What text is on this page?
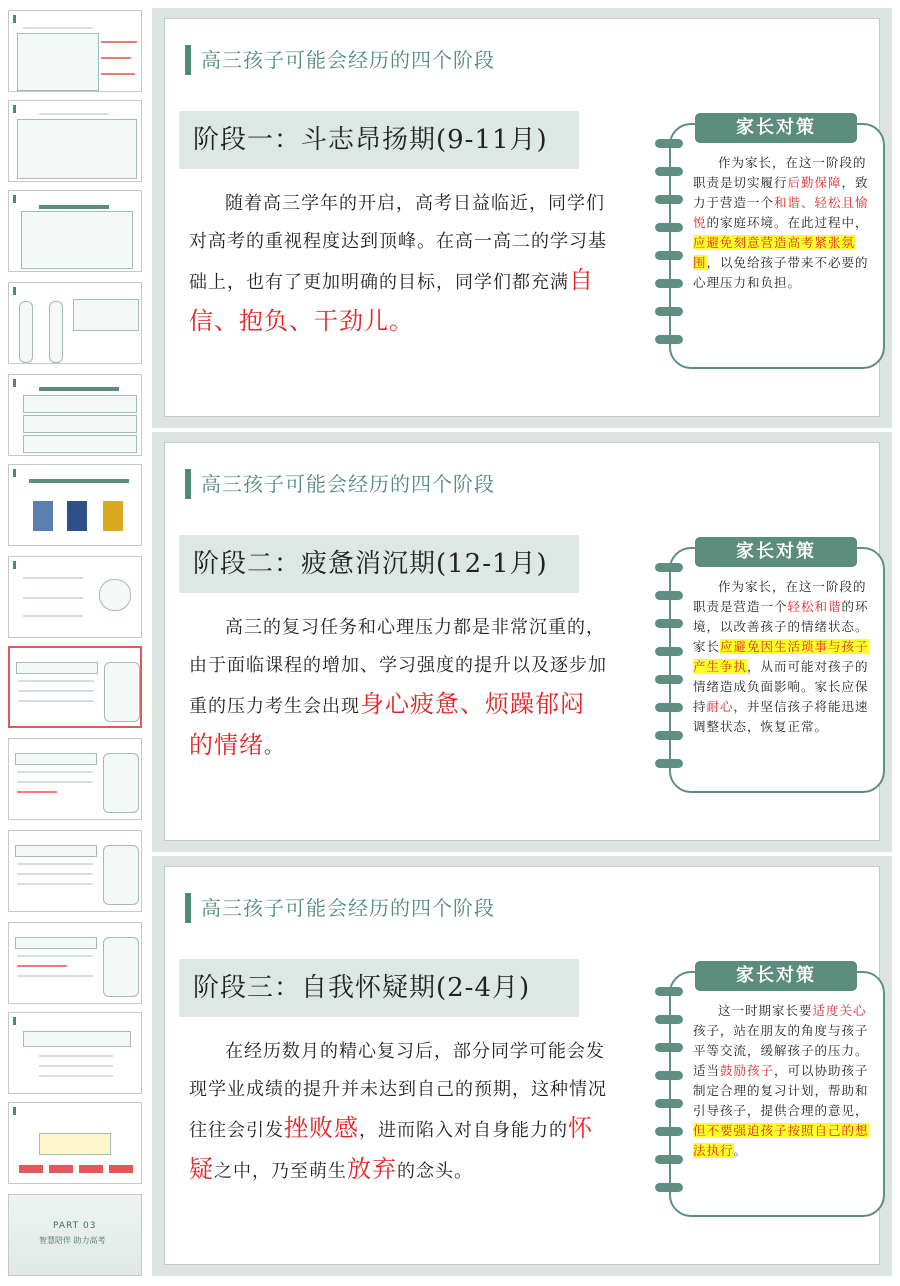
PART 03
智慧陪伴 助力高考
高三孩子可能会经历的四个阶段
阶段一：斗志昂扬期(9-11月)
随着高三学年的开启，高考日益临近，同学们对高考的重视程度达到顶峰。在高一高二的学习基础上，也有了更加明确的目标，同学们都充满自信、抱负、干劲儿。
家长对策
作为家长，在这一阶段的职责是切实履行后勤保障，致力于营造一个和谐、轻松且愉悦的家庭环境。在此过程中，应避免刻意营造高考紧张氛围，以免给孩子带来不必要的心理压力和负担。
高三孩子可能会经历的四个阶段
阶段二：疲惫消沉期(12-1月)
高三的复习任务和心理压力都是非常沉重的，由于面临课程的增加、学习强度的提升以及逐步加重的压力考生会出现身心疲惫、烦躁郁闷的情绪。
家长对策
作为家长，在这一阶段的职责是营造一个轻松和谐的环境，以改善孩子的情绪状态。家长应避免因生活琐事与孩子产生争执，从而可能对孩子的情绪造成负面影响。家长应保持耐心，并坚信孩子将能迅速调整状态，恢复正常。
高三孩子可能会经历的四个阶段
阶段三：自我怀疑期(2-4月)
在经历数月的精心复习后，部分同学可能会发现学业成绩的提升并未达到自己的预期，这种情况往往会引发挫败感，进而陷入对自身能力的怀疑之中，乃至萌生放弃的念头。
家长对策
这一时期家长要适度关心孩子，站在朋友的角度与孩子平等交流，缓解孩子的压力。适当鼓励孩子，可以协助孩子制定合理的复习计划，帮助和引导孩子，提供合理的意见，但不要强迫孩子按照自己的想法执行。
